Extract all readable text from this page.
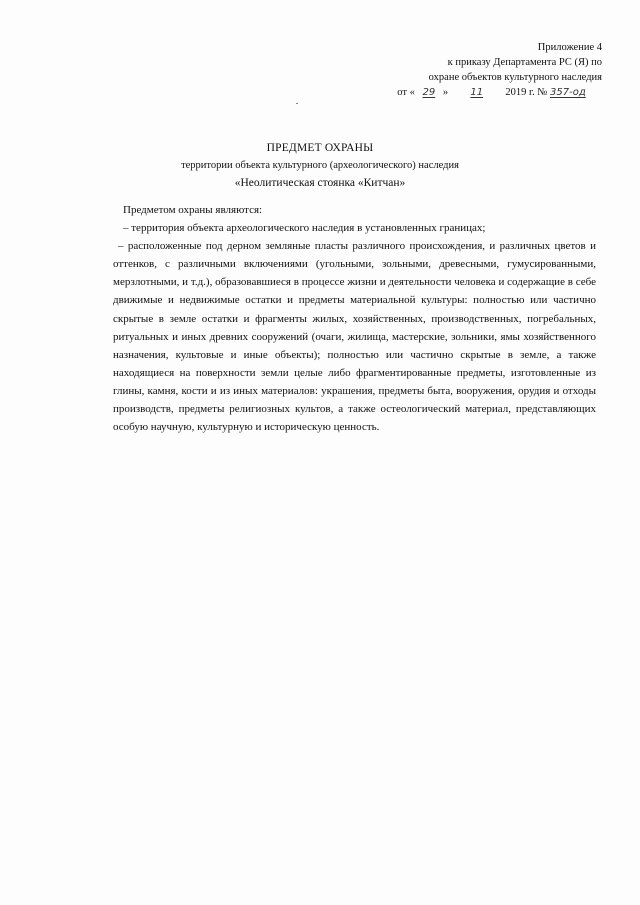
Приложение 4
к приказу Департамента РС (Я) по
охране объектов культурного наследия
от « 29 » 11 2019 г. № 357-од
ПРЕДМЕТ ОХРАНЫ
территории объекта культурного (археологического) наследия
«Неолитическая стоянка «Китчан»

Предметом охраны являются:

– территория объекта археологического наследия в установленных границах;

– расположенные под дерном земляные пласты различного происхождения, и различных цветов и оттенков, с различными включениями (угольными, зольными, древесными, гумусированными, мерзлотными, и т.д.), образовавшиеся в процессе жизни и деятельности человека и содержащие в себе движимые и недвижимые остатки и предметы материальной культуры: полностью или частично скрытые в земле остатки и фрагменты жилых, хозяйственных, производственных, погребальных, ритуальных и иных древних сооружений (очаги, жилища, мастерские, зольники, ямы хозяйственного назначения, культовые и иные объекты); полностью или частично скрытые в земле, а также находящиеся на поверхности земли целые либо фрагментированные предметы, изготовленные из глины, камня, кости и из иных материалов: украшения, предметы быта, вооружения, орудия и отходы производств, предметы религиозных культов, а также остеологический материал, представляющих особую научную, культурную и историческую ценность.
